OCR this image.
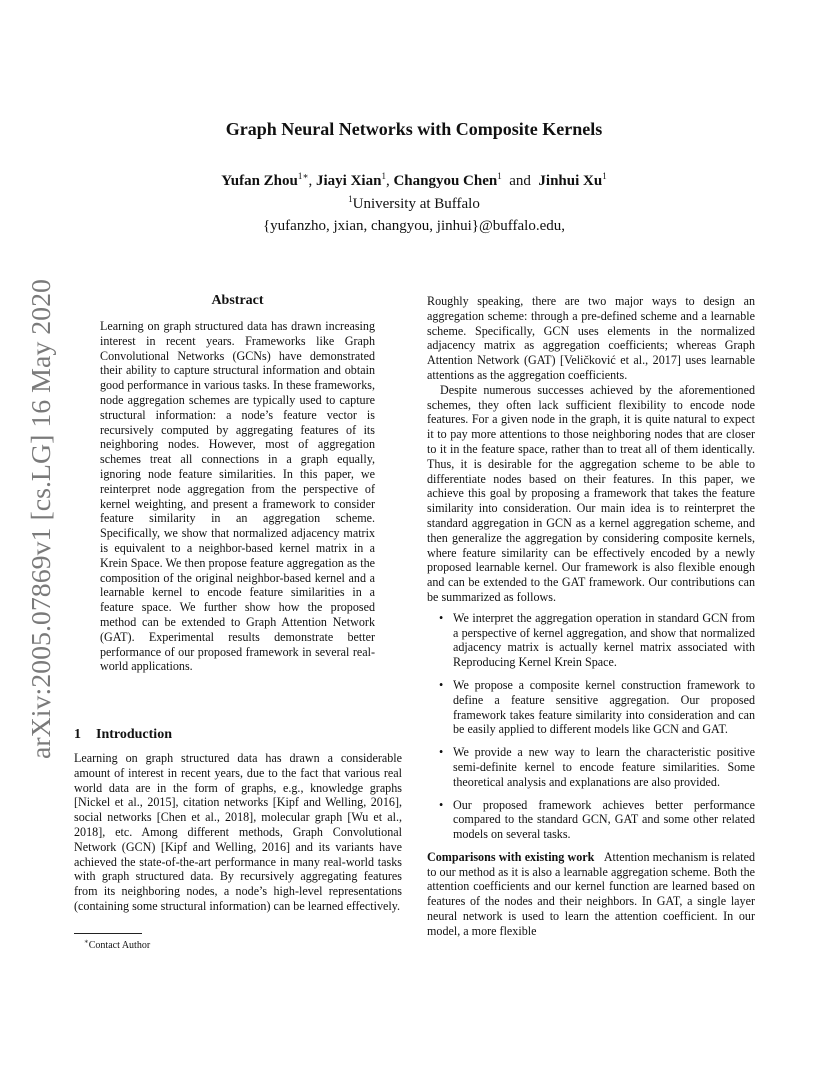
arXiv:2005.07869v1 [cs.LG] 16 May 2020
Graph Neural Networks with Composite Kernels
Yufan Zhou$^{1∗}$, Jiayi Xian$^1$, Changyou Chen$^1$ and Jinhui Xu$^1$
$^1$University at Buffalo
{yufanzho, jxian, changyou, jinhui}@buffalo.edu,
Abstract
Learning on graph structured data has drawn increasing interest in recent years. Frameworks like Graph Convolutional Networks (GCNs) have demonstrated their ability to capture structural information and obtain good performance in various tasks. In these frameworks, node aggregation schemes are typically used to capture structural information: a node’s feature vector is recursively computed by aggregating features of its neighboring nodes. However, most of aggregation schemes treat all connections in a graph equally, ignoring node feature similarities. In this paper, we reinterpret node aggregation from the perspective of kernel weighting, and present a framework to consider feature similarity in an aggregation scheme. Specifically, we show that normalized adjacency matrix is equivalent to a neighbor-based kernel matrix in a Krein Space. We then propose feature aggregation as the composition of the original neighbor-based kernel and a learnable kernel to encode feature similarities in a feature space. We further show how the proposed method can be extended to Graph Attention Network (GAT). Experimental results demonstrate better performance of our proposed framework in several real-world applications.
1 Introduction
Learning on graph structured data has drawn a considerable amount of interest in recent years, due to the fact that various real world data are in the form of graphs, e.g., knowledge graphs [Nickel et al., 2015], citation networks [Kipf and Welling, 2016], social networks [Chen et al., 2018], molecular graph [Wu et al., 2018], etc. Among different methods, Graph Convolutional Network (GCN) [Kipf and Welling, 2016] and its variants have achieved the state-of-the-art performance in many real-world tasks with graph structured data. By recursively aggregating features from its neighboring nodes, a node’s high-level representations (containing some structural information) can be learned effectively.
∗Contact Author

Roughly speaking, there are two major ways to design an aggregation scheme: through a pre-defined scheme and a learnable scheme. Specifically, GCN uses elements in the normalized adjacency matrix as aggregation coefficients; whereas Graph Attention Network (GAT) [Veličković et al., 2017] uses learnable attentions as the aggregation coefficients.

Despite numerous successes achieved by the aforementioned schemes, they often lack sufficient flexibility to encode node features. For a given node in the graph, it is quite natural to expect it to pay more attentions to those neighboring nodes that are closer to it in the feature space, rather than to treat all of them identically. Thus, it is desirable for the aggregation scheme to be able to differentiate nodes based on their features. In this paper, we achieve this goal by proposing a framework that takes the feature similarity into consideration. Our main idea is to reinterpret the standard aggregation in GCN as a kernel aggregation scheme, and then generalize the aggregation by considering composite kernels, where feature similarity can be effectively encoded by a newly proposed learnable kernel. Our framework is also flexible enough and can be extended to the GAT framework. Our contributions can be summarized as follows.

• We interpret the aggregation operation in standard GCN from a perspective of kernel aggregation, and show that normalized adjacency matrix is actually kernel matrix associated with Reproducing Kernel Krein Space.
• We propose a composite kernel construction framework to define a feature sensitive aggregation. Our proposed framework takes feature similarity into consideration and can be easily applied to different models like GCN and GAT.
• We provide a new way to learn the characteristic positive semi-definite kernel to encode feature similarities. Some theoretical analysis and explanations are also provided.
• Our proposed framework achieves better performance compared to the standard GCN, GAT and some other related models on several tasks.

Comparisons with existing work Attention mechanism is related to our method as it is also a learnable aggregation scheme. Both the attention coefficients and our kernel function are learned based on features of the nodes and their neighbors. In GAT, a single layer neural network is used to learn the attention coefficient. In our model, a more flexible
